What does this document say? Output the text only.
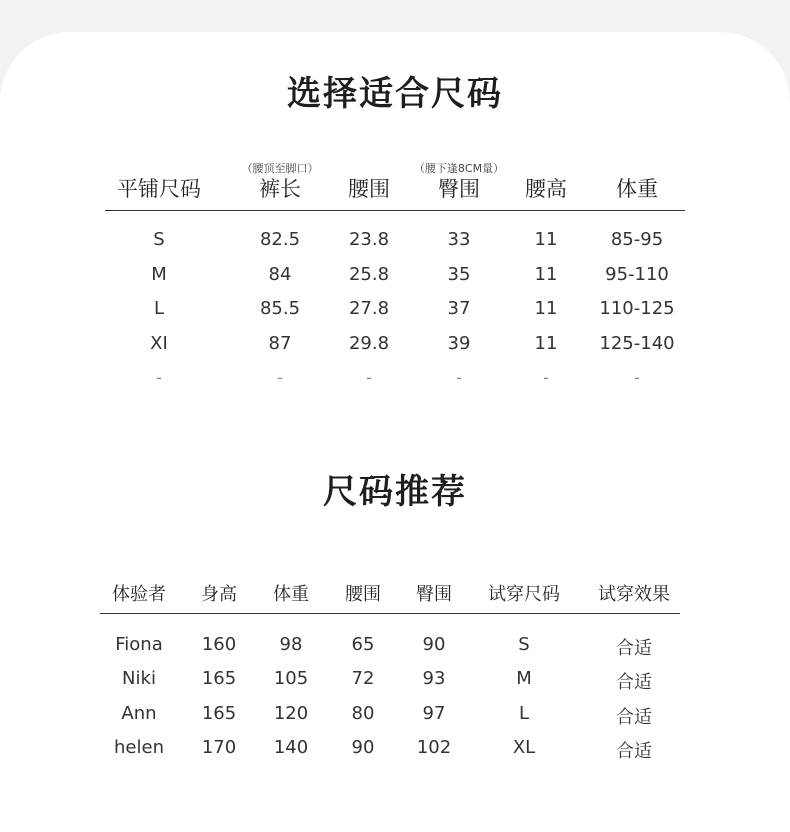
选择适合尺码
（腰顶至脚口）	（腰下逢8CM量）
平铺尺码	裤长 腰围 臀围 腰高 体重
S	82.5	23.8	33	11	85-95
M	84	25.8	35	11	95-110
L	85.5	27.8	37	11 110-125
XI	87	29.8	39	11 125-140
-	-	-	-	-	-
尺码推荐
体验者 身高 体重 腰围 臀围 试穿尺码 试穿效果
Fiona 160 98	65	90	S	合适
Niki	165 105 72	93	M	合适
Ann	165 120 80	97	L	合适
helen 170 140 90 102	XL	合适
